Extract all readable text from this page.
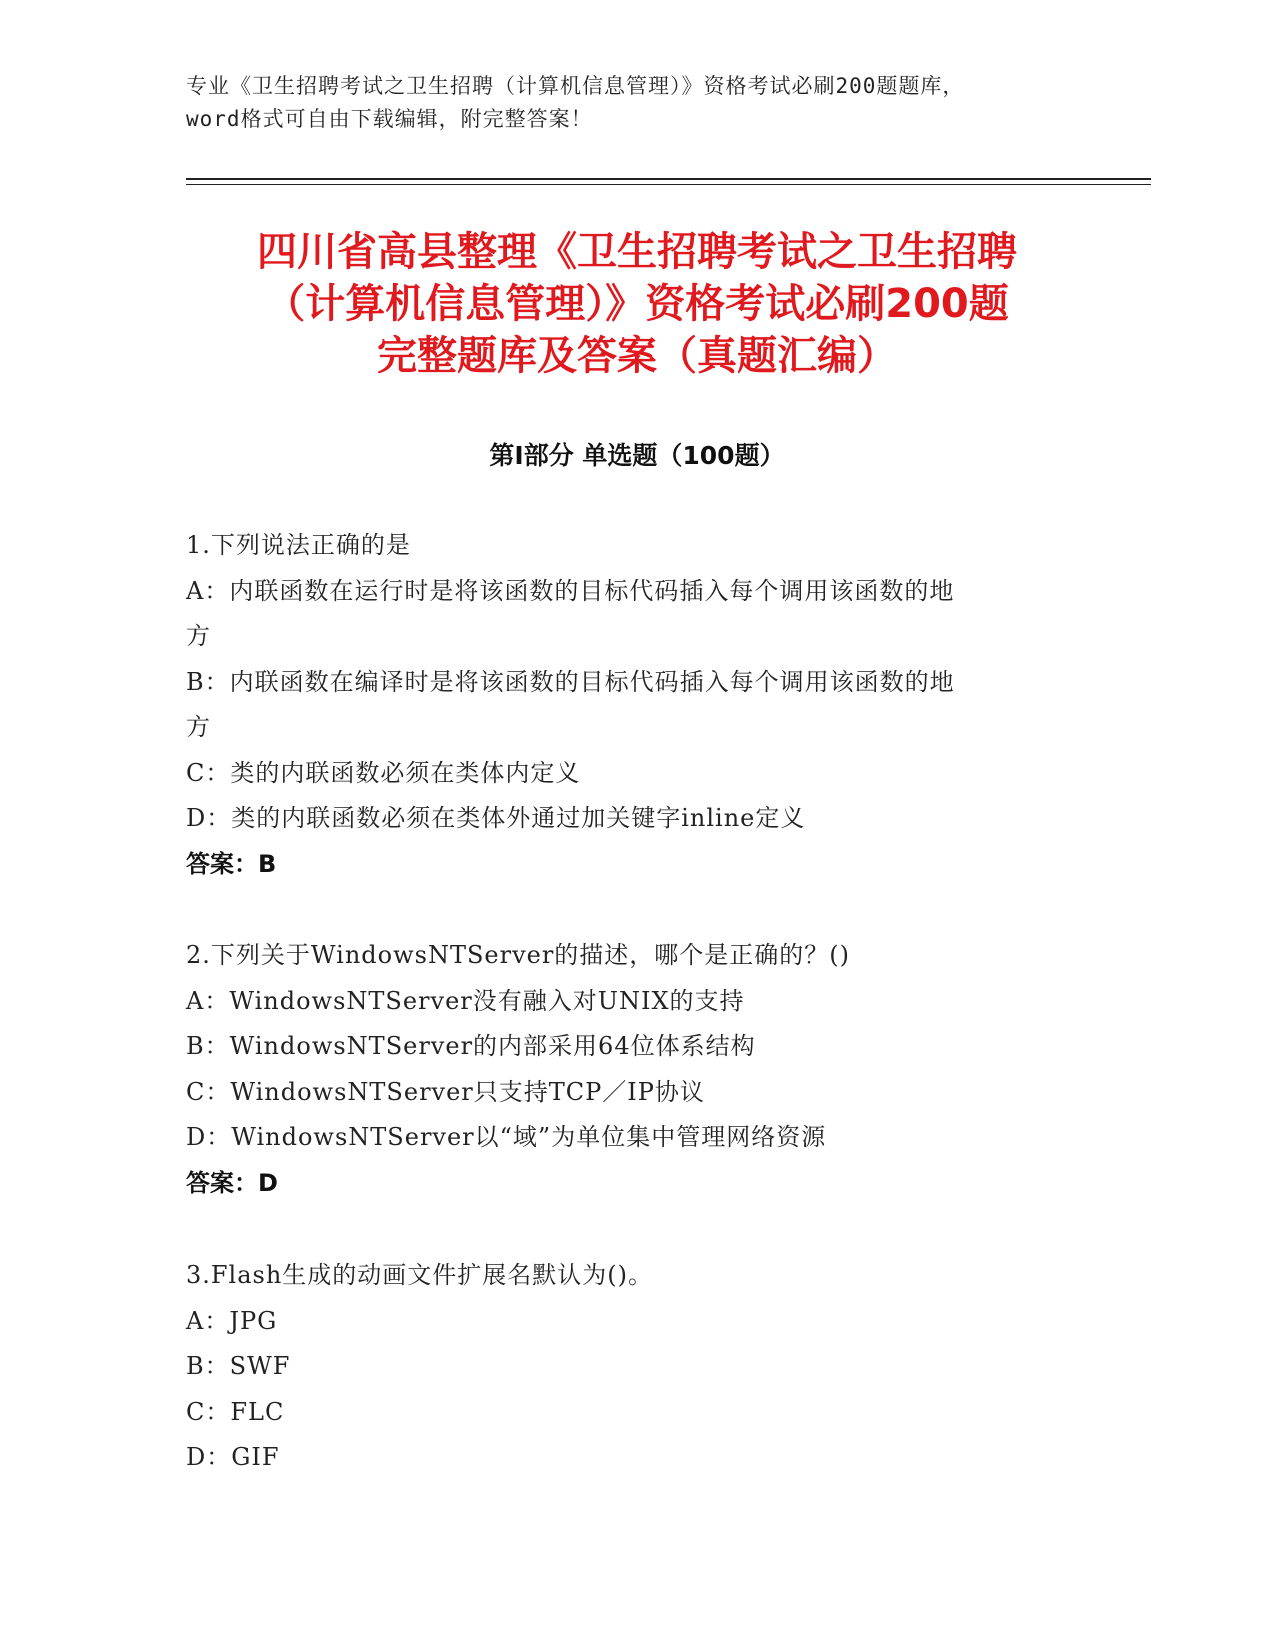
专业《卫生招聘考试之卫生招聘（计算机信息管理）》资格考试必刷200题题库，
word格式可自由下载编辑，附完整答案！
四川省高县整理《卫生招聘考试之卫生招聘
（计算机信息管理）》资格考试必刷200题
完整题库及答案（真题汇编）
第Ⅰ部分 单选题（100题）
1.下列说法正确的是
A：内联函数在运行时是将该函数的目标代码插入每个调用该函数的地
方
B：内联函数在编译时是将该函数的目标代码插入每个调用该函数的地
方
C：类的内联函数必须在类体内定义
D：类的内联函数必须在类体外通过加关键字inline定义
答案：B
2.下列关于WindowsNTServer的描述，哪个是正确的？()
A：WindowsNTServer没有融入对UNIX的支持
B：WindowsNTServer的内部采用64位体系结构
C：WindowsNTServer只支持TCP／IP协议
D：WindowsNTServer以“域”为单位集中管理网络资源
答案：D
3.Flash生成的动画文件扩展名默认为()。
A：JPG
B：SWF
C：FLC
D：GIF
